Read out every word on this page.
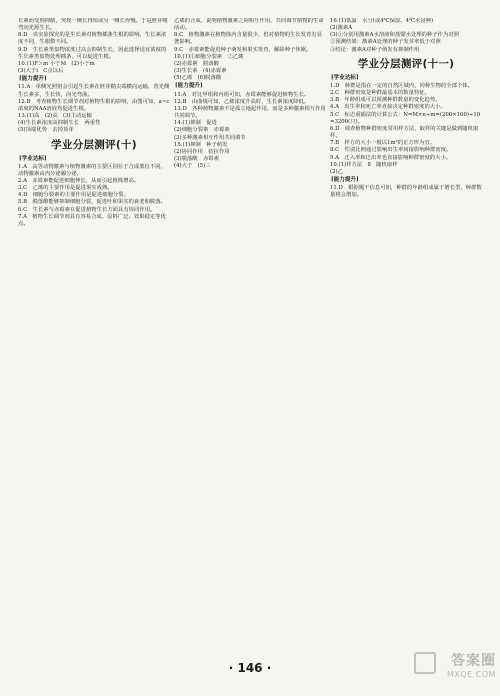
长素而受到抑制，突现一侧长得快或另一侧长得慢。于是胚芽鞘弯向光源生长。

8.D　该实验探究的是生长素对植物插条生根的影响，生长素浓度不同，生根数不同。

9.D　生长素类似物浓度过高会抑制生长，因此选择适宜浓度的生长素类似物处理插条，可以促进生根。

10.(1)F＞m 小于M　(2)小于m

(3)大于i　C点以后

[能力提升]

11.A　单侧光照射会引起生长素在胚芽鞘尖端横向运输，背光侧生长素多，生长快，向光弯曲。

12.B　考查植物生长调节剂对植物生根的影响，由图可知，a~c浓度的NAA溶液均促进生根。

13.(1)高　(2)高　(3)主动运输

(4)生长素浓度高抑制生长　两重性

(5)顶端优势　去掉顶芽

学业分层测评(十)
[学业达标]

1.A　高等动物激素与植物激素的主要区别在于合成部位不同，动物激素由内分泌腺分泌。

2.A　赤霉素能促进细胞伸长，从而引起植株增高。

3.C　乙烯的主要作用是促进果实成熟。

4.D　细胞分裂素的主要作用是促进细胞分裂。

5.B　脱落酸能够抑制细胞分裂，促进叶和果实的衰老和脱落。

6.C　生长素与赤霉素在促进植物生长方面具有协同作用。

7.A　植物生长调节剂具有容易合成、原料广泛、效果稳定等优点。

乙烯的合成，说明植物激素之间相互作用，共同调节植物的生命活动。

8.C　植物激素在植物体内含量很少，但对植物的生长发育有显著影响。

9.C　赤霉素能促进种子萌发和果实发育，解除种子休眠。

10.(1)①细胞分裂素　②乙烯

(2)赤霉素　脱落酸

(3)生长素　(4)赤霉素

(5)乙烯　(6)脱落酸

[能力提升]

11.A　对比甲组和丙组可知，赤霉素能够促进植物生长。

12.B　由曲线可知，乙烯浓度升高时，生长素浓度降低。

13.D　各种植物激素不是孤立地起作用，而是多种激素相互作用共同调节。

14.(1)抑制　促进

(2)细胞分裂素　赤霉素

(3)多种激素相互作用共同调节

15.(1)抑制　种子萌发

(2)协同作用　拮抗作用

(3)脱落酸　赤霉素

(4)大于　(5)三

16.(1)低温　水分(或4℃保湿、4℃水浸种)

(2)激素A

(3)①分别用激素A水溶液和蒸馏水处理的种子作为对照

②预测结果：激素A处理的种子发芽率低于对照

③结论：激素A对种子萌发有抑制作用

学业分层测评(十一)
[学业达标]

1.D　种群是指在一定的自然区域内，同种生物的全部个体。

2.C　种群密度是种群最基本的数量特征。

3.B　年龄组成可以预测种群数量的变化趋势。

4.A　出生率和死亡率直接决定种群密度的大小。

5.C　标志重捕法的计算公式：N=M×n÷m=(200×160)÷10=3200(只)。

6.D　调查植物种群密度常用样方法，取样的关键是做到随机取样。

7.B　样方的大小一般以1m²的正方形为宜。

8.C　性别比例通过影响出生率间接影响种群密度。

9.A　迁入率和迁出率也直接影响种群密度的大小。

10.(1)样方法　8　随机取样

(2)乙

[能力提升]

11.D　根据题干信息可知，种群的年龄组成属于增长型，种群数量将会增加。

· 146 ·	答案圈
MXQE.COM
